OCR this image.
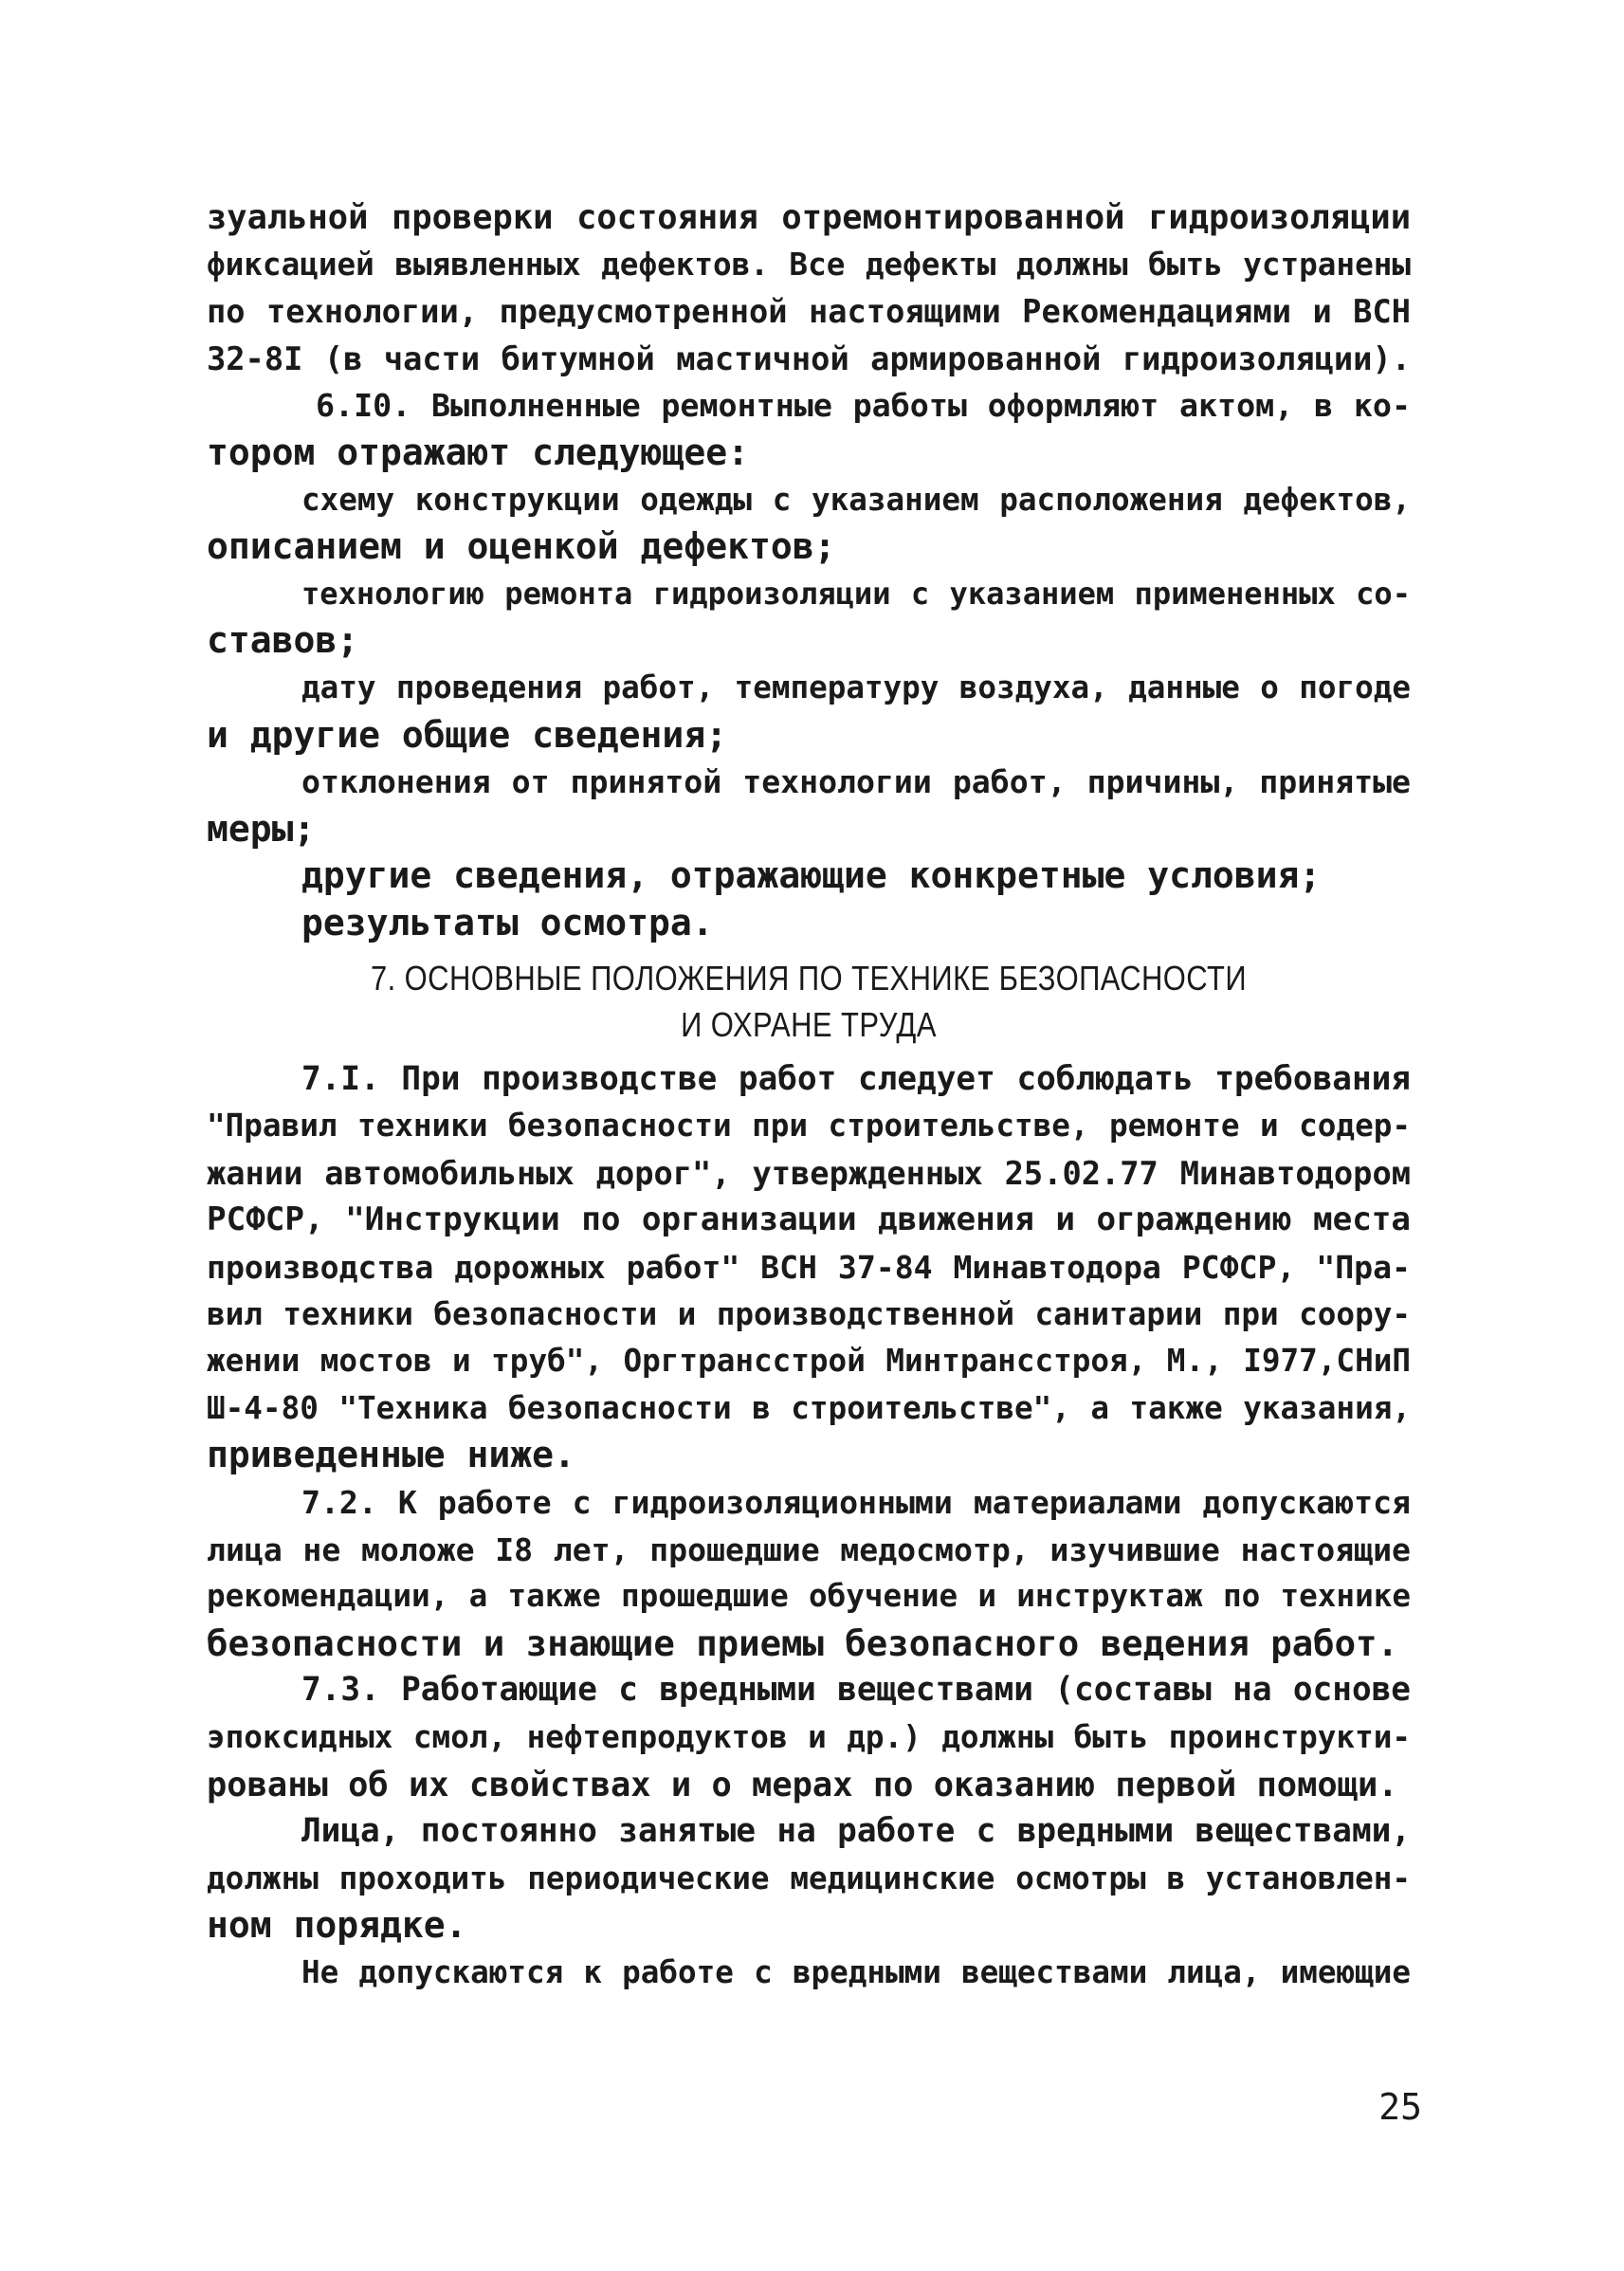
зуальной проверки состояния отремонтированной гидроизоляции
фиксацией выявленных дефектов. Все дефекты должны быть устранены
по технологии, предусмотренной настоящими Рекомендациями и ВСН
32-8I (в части битумной мастичной армированной гидроизоляции).
6.I0. Выполненные ремонтные работы оформляют актом, в ко-
тором отражают следующее:
схему конструкции одежды с указанием расположения дефектов,
описанием и оценкой дефектов;
технологию ремонта гидроизоляции с указанием примененных со-
ставов;
дату проведения работ, температуру воздуха, данные о погоде
и другие общие сведения;
отклонения от принятой технологии работ, причины, принятые
меры;
другие сведения, отражающие конкретные условия;
результаты осмотра.
7. ОСНОВНЫЕ ПОЛОЖЕНИЯ ПО ТЕХНИКЕ БЕЗОПАСНОСТИ
И ОХРАНЕ ТРУДА
7.I. При производстве работ следует соблюдать требования
"Правил техники безопасности при строительстве, ремонте и содер-
жании автомобильных дорог", утвержденных 25.02.77 Минавтодором
РСФСР, "Инструкции по организации движения и ограждению места
производства дорожных работ" ВСН 37-84 Минавтодора РСФСР, "Пра-
вил техники безопасности и производственной санитарии при соору-
жении мостов и труб", Оргтрансстрой Минтрансстроя, М., I977,СНиП
Ш-4-80 "Техника безопасности в строительстве", а также указания,
приведенные ниже.
7.2. К работе с гидроизоляционными материалами допускаются
лица не моложе I8 лет, прошедшие медосмотр, изучившие настоящие
рекомендации, а также прошедшие обучение и инструктаж по технике
безопасности и знающие приемы безопасного ведения работ.
7.3. Работающие с вредными веществами (составы на основе
эпоксидных смол, нефтепродуктов и др.) должны быть проинструкти-
рованы об их свойствах и о мерах по оказанию первой помощи.
Лица, постоянно занятые на работе с вредными веществами,
должны проходить периодические медицинские осмотры в установлен-
ном порядке.
Не допускаются к работе с вредными веществами лица, имеющие
25
